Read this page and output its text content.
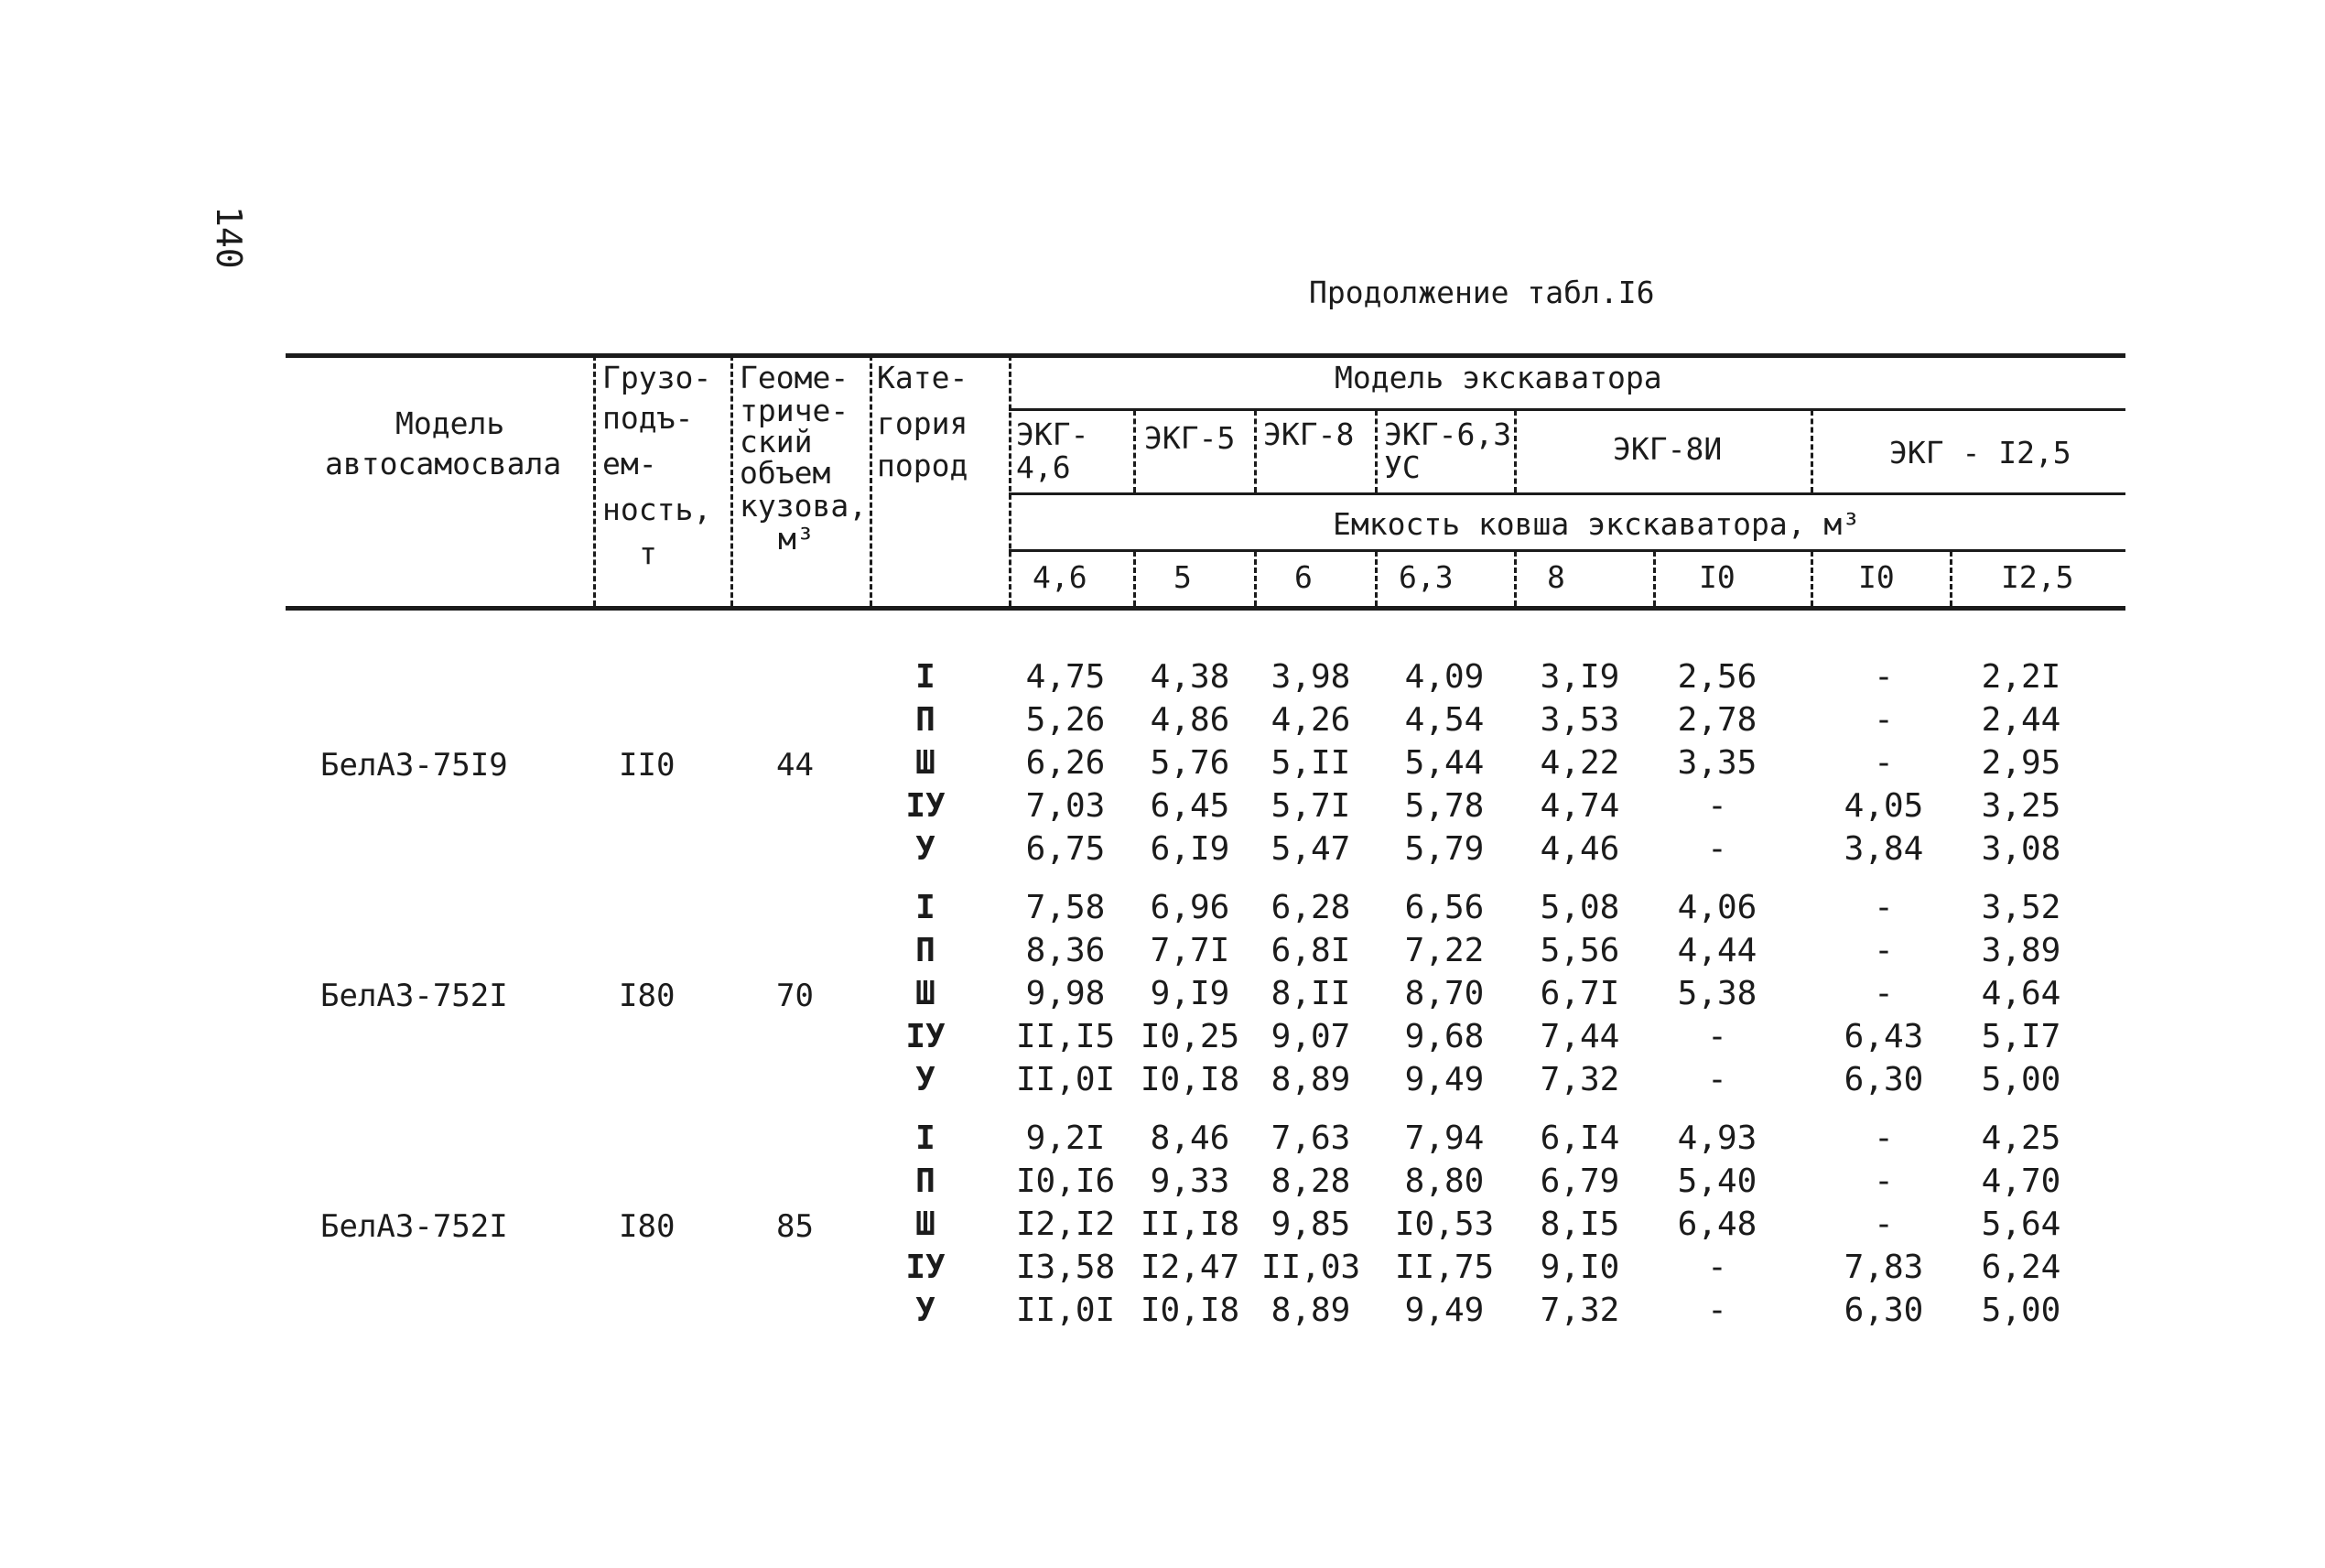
140
Продолжение табл.I6
Модель
автосамосвала
Грузо-
подъ-
ем-
ность,
т
Геоме-
триче-
ский
объем
кузова,
м³
Кате-
гория
пород
Модель экскаватора
ЭКГ-
4,6
ЭКГ-5 ЭКГ-8 ЭКГ-6,3
УС
ЭКГ-8И	ЭКГ - I2,5
Емкость ковша экскаватора, м³
4,6	5	6	6,3	8	I0	I0	I2,5
БелАЗ-75I9	II0	44
I	4,75	4,38	3,98	4,09	3,I9	2,56	-	2,2I
П	5,26	4,86	4,26	4,54	3,53	2,78	-	2,44
Ш	6,26	5,76	5,II	5,44	4,22	3,35	-	2,95
IУ	7,03	6,45	5,7I	5,78	4,74	-	4,05	3,25
У	6,75	6,I9	5,47	5,79	4,46	-	3,84	3,08
БелАЗ-752I	I80	70
I	7,58	6,96	6,28	6,56	5,08	4,06	-	3,52
П	8,36	7,7I	6,8I	7,22	5,56	4,44	-	3,89
Ш	9,98	9,I9	8,II	8,70	6,7I	5,38	-	4,64
IУ	II,I5 I0,25 9,07	9,68	7,44	-	6,43	5,I7
У	II,0I I0,I8 8,89	9,49	7,32	-	6,30	5,00
БелАЗ-752I	I80	85
I	9,2I	8,46	7,63	7,94	6,I4	4,93	-	4,25
П	I0,I6	9,33	8,28	8,80	6,79	5,40	-	4,70
Ш	I2,I2 II,I8 9,85	I0,53	8,I5	6,48	-	5,64
IУ	I3,58 I2,47 II,03	II,75	9,I0	-	7,83	6,24
У	II,0I I0,I8 8,89	9,49	7,32	-	6,30	5,00
